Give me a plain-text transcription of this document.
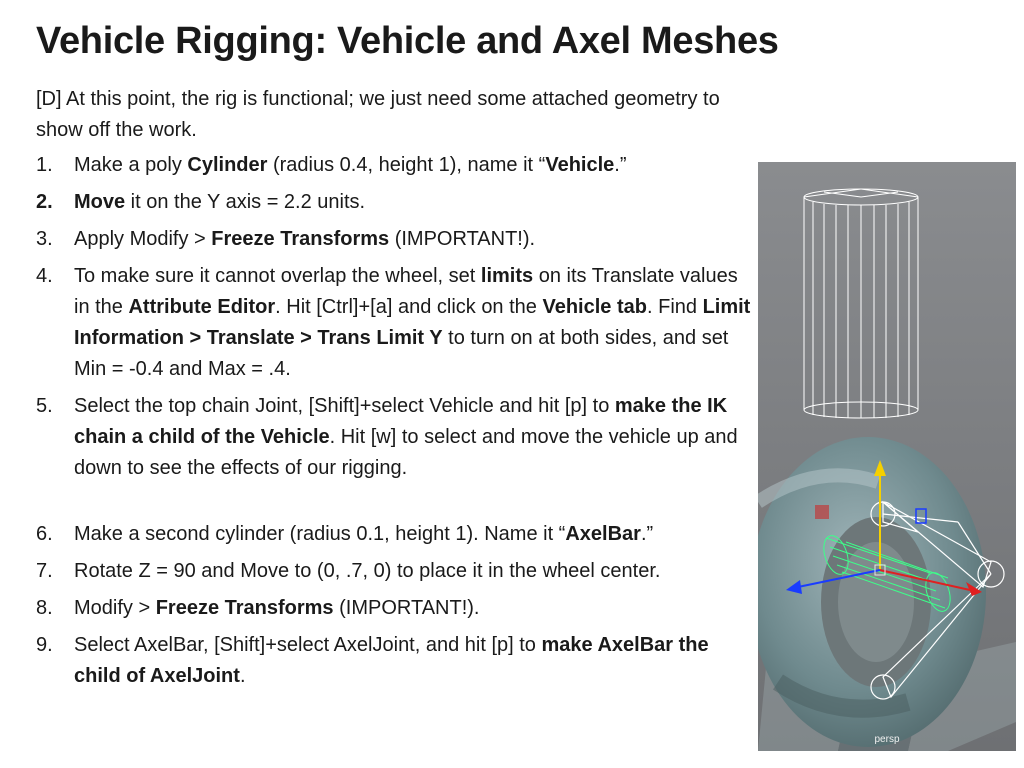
Vehicle Rigging: Vehicle and Axel Meshes
[D] At this point, the rig is functional; we just need some attached geometry to show off the work.
1. Make a poly Cylinder (radius 0.4, height 1), name it “Vehicle.”
2. Move it on the Y axis = 2.2 units.
3. Apply Modify > Freeze Transforms (IMPORTANT!).
4. To make sure it cannot overlap the wheel, set limits on its Translate values in the Attribute Editor. Hit [Ctrl]+[a] and click on the Vehicle tab. Find Limit Information > Translate > Trans Limit Y to turn on at both sides, and set Min = -0.4 and Max = .4.
5. Select the top chain Joint, [Shift]+select Vehicle and hit [p] to make the IK chain a child of the Vehicle. Hit [w] to select and move the vehicle up and down to see the effects of our rigging.
6. Make a second cylinder (radius 0.1, height 1). Name it “AxelBar.”
7. Rotate Z = 90 and Move to (0, .7, 0) to place it in the wheel center.
8. Modify > Freeze Transforms (IMPORTANT!).
9. Select AxelBar, [Shift]+select AxelJoint, and hit [p] to make AxelBar the child of AxelJoint.
persp
